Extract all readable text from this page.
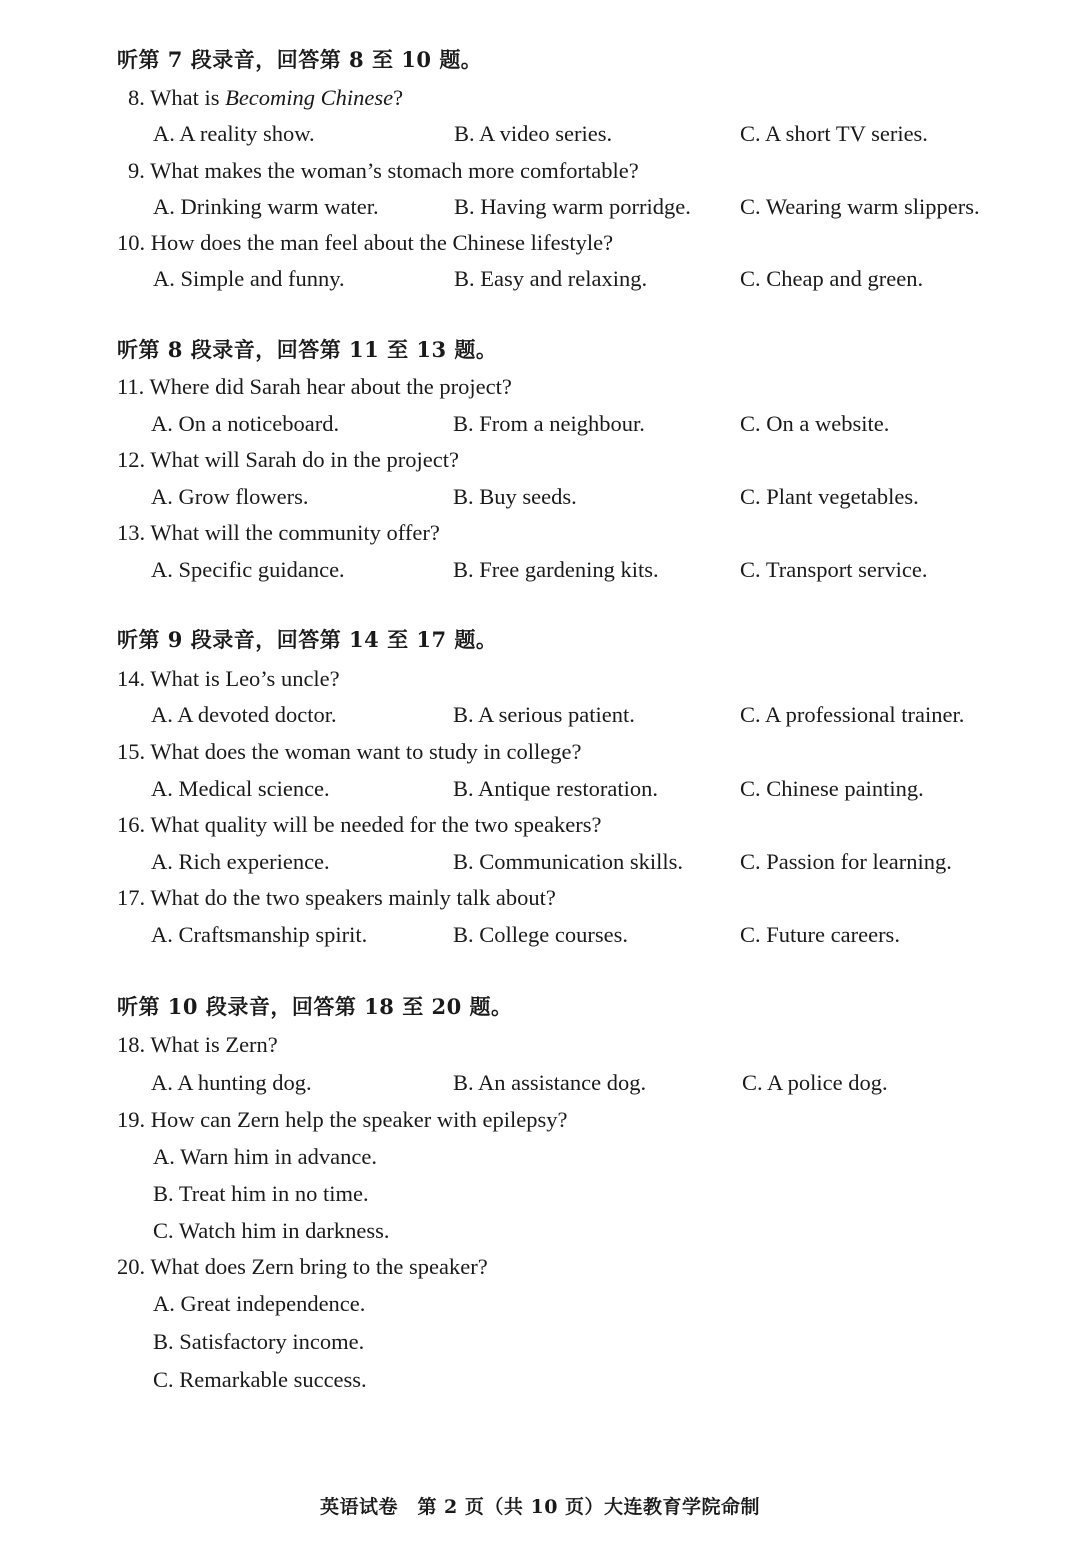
听第 7 段录音，回答第 8 至 10 题。
8. What is Becoming Chinese?
A. A reality show.	B. A video series.	C. A short TV series.
9. What makes the woman’s stomach more comfortable?
A. Drinking warm water.	B. Having warm porridge. C. Wearing warm slippers.
10. How does the man feel about the Chinese lifestyle?
A. Simple and funny.	B. Easy and relaxing.	C. Cheap and green.
听第 8 段录音，回答第 11 至 13 题。
11. Where did Sarah hear about the project?
A. On a noticeboard.	B. From a neighbour.	C. On a website.
12. What will Sarah do in the project?
A. Grow flowers.	B. Buy seeds.	C. Plant vegetables.
13. What will the community offer?
A. Specific guidance.	B. Free gardening kits.	C. Transport service.
听第 9 段录音，回答第 14 至 17 题。
14. What is Leo’s uncle?
A. A devoted doctor.	B. A serious patient.	C. A professional trainer.
15. What does the woman want to study in college?
A. Medical science.	B. Antique restoration.	C. Chinese painting.
16. What quality will be needed for the two speakers?
A. Rich experience.	B. Communication skills.	C. Passion for learning.
17. What do the two speakers mainly talk about?
A. Craftsmanship spirit.	B. College courses.	C. Future careers.
听第 10 段录音，回答第 18 至 20 题。
18. What is Zern?
A. A hunting dog.	B. An assistance dog.	C. A police dog.
19. How can Zern help the speaker with epilepsy?
A. Warn him in advance.
B. Treat him in no time.
C. Watch him in darkness.
20. What does Zern bring to the speaker?
A. Great independence.
B. Satisfactory income.
C. Remarkable success.
英语试卷　第 2 页（共 10 页）大连教育学院命制
